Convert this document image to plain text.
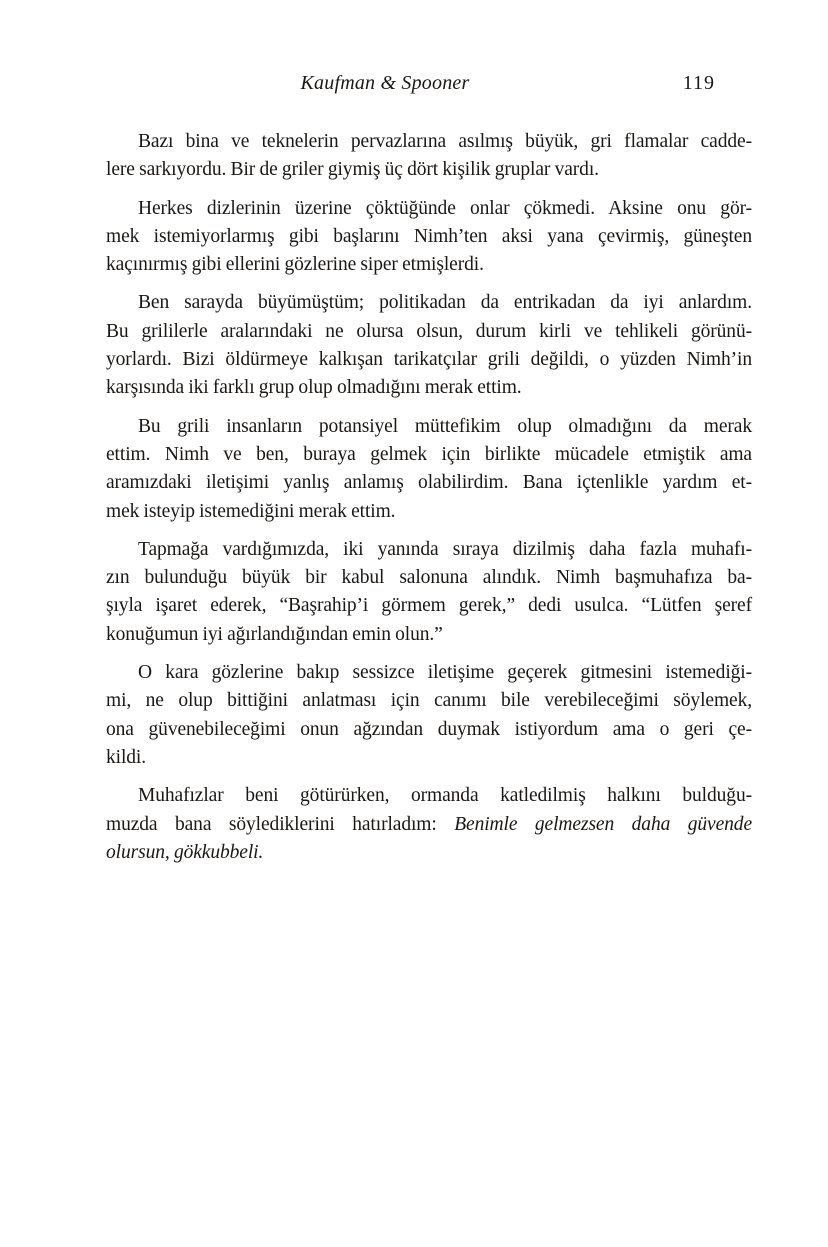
Kaufman & Spooner	119
Bazı bina ve teknelerin pervazlarına asılmış büyük, gri flamalar cadde-
lere sarkıyordu. Bir de griler giymiş üç dört kişilik gruplar vardı.
Herkes dizlerinin üzerine çöktüğünde onlar çökmedi. Aksine onu gör-
mek istemiyorlarmış gibi başlarını Nimh’ten aksi yana çevirmiş, güneşten
kaçınırmış gibi ellerini gözlerine siper etmişlerdi.
Ben sarayda büyümüştüm; politikadan da entrikadan da iyi anlardım.
Bu grililerle aralarındaki ne olursa olsun, durum kirli ve tehlikeli görünü-
yorlardı. Bizi öldürmeye kalkışan tarikatçılar grili değildi, o yüzden Nimh’in
karşısında iki farklı grup olup olmadığını merak ettim.
Bu grili insanların potansiyel müttefikim olup olmadığını da merak
ettim. Nimh ve ben, buraya gelmek için birlikte mücadele etmiştik ama
aramızdaki iletişimi yanlış anlamış olabilirdim. Bana içtenlikle yardım et-
mek isteyip istemediğini merak ettim.
Tapmağa vardığımızda, iki yanında sıraya dizilmiş daha fazla muhafı-
zın bulunduğu büyük bir kabul salonuna alındık. Nimh başmuhafıza ba-
şıyla işaret ederek, “Başrahip’i görmem gerek,” dedi usulca. “Lütfen şeref
konuğumun iyi ağırlandığından emin olun.”
O kara gözlerine bakıp sessizce iletişime geçerek gitmesini istemediği-
mi, ne olup bittiğini anlatması için canımı bile verebileceğimi söylemek,
ona güvenebileceğimi onun ağzından duymak istiyordum ama o geri çe-
kildi.
Muhafızlar beni götürürken, ormanda katledilmiş halkını bulduğu-
muzda bana söylediklerini hatırladım: Benimle gelmezsen daha güvende
olursun, gökkubbeli.
